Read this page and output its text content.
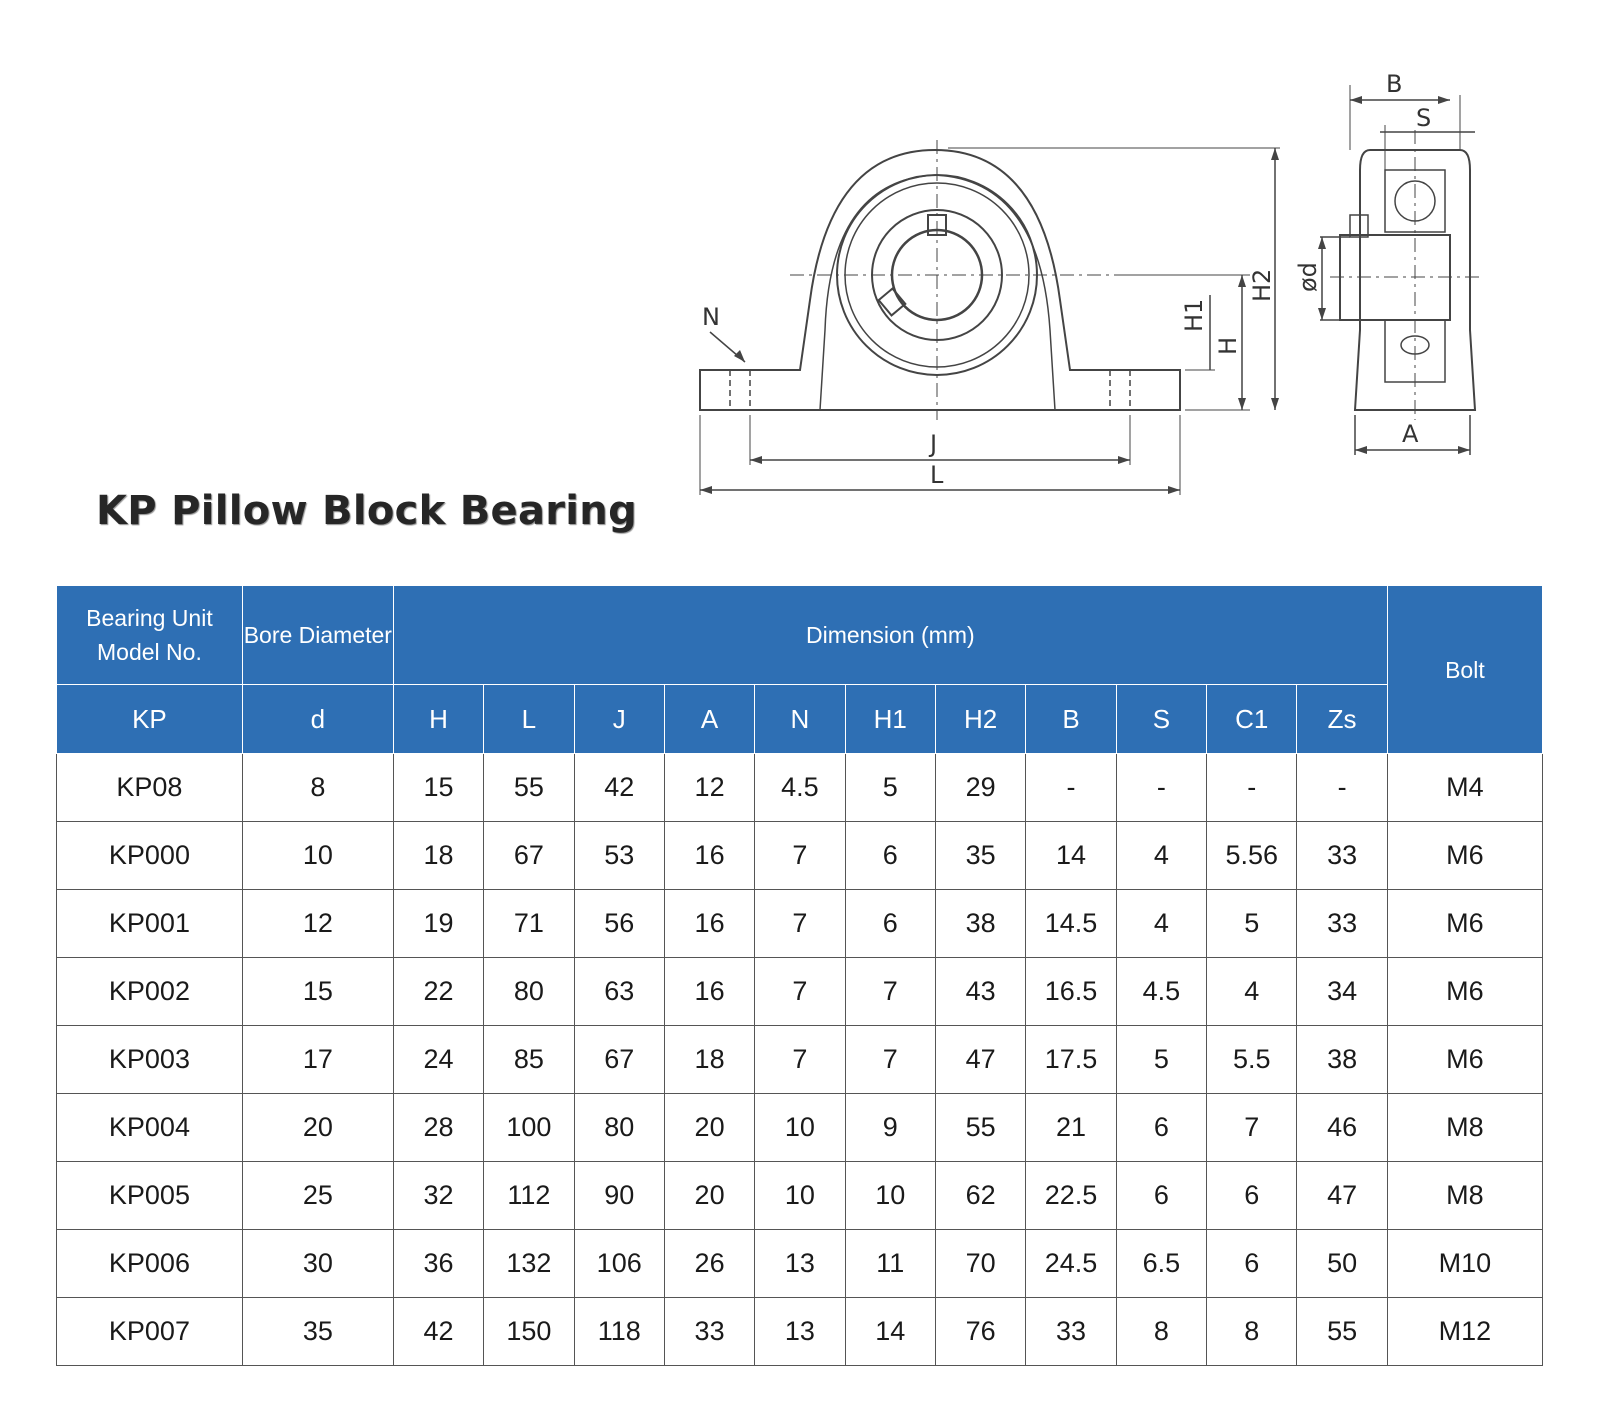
KP Pillow Block Bearing
N	H1
H
H2
J
L
B
S
ød
A
Bearing Unit Model No.	Bore Diameter	Dimension (mm)											Bolt
KP	d	H	L	J	A	N	H1	H2	B	S	C1	Zs	
KP08	8	15	55	42	12	4.5	5	29	-	-	-	-	M4
KP000	10	18	67	53	16	7	6	35	14	4	5.56	33	M6
KP001	12	19	71	56	16	7	6	38	14.5	4	5	33	M6
KP002	15	22	80	63	16	7	7	43	16.5	4.5	4	34	M6
KP003	17	24	85	67	18	7	7	47	17.5	5	5.5	38	M6
KP004	20	28	100	80	20	10	9	55	21	6	7	46	M8
KP005	25	32	112	90	20	10	10	62	22.5	6	6	47	M8
KP006	30	36	132	106	26	13	11	70	24.5	6.5	6	50	M10
KP007	35	42	150	118	33	13	14	76	33	8	8	55	M12
